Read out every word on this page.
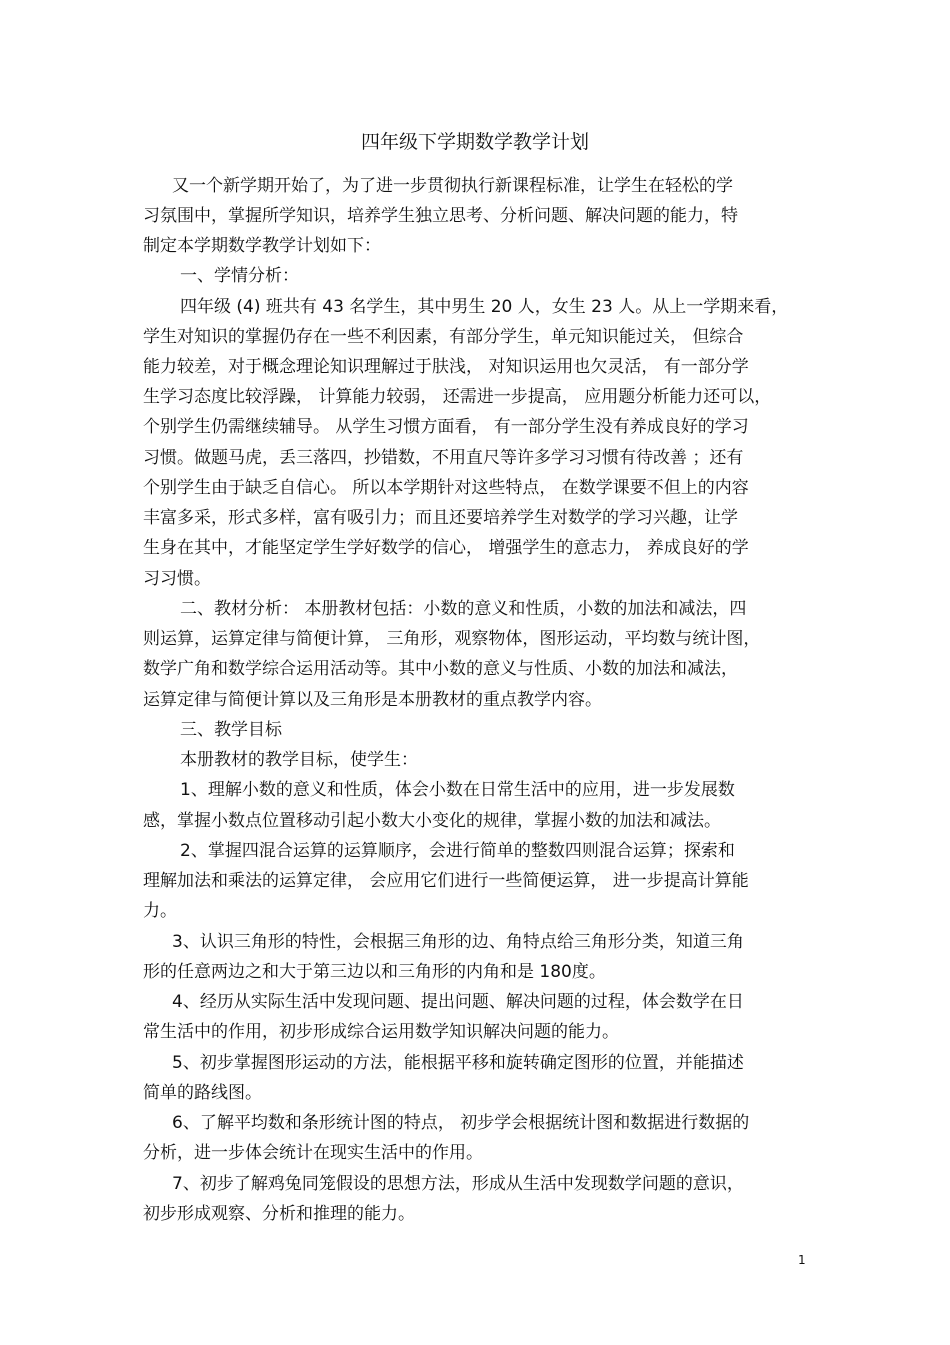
四年级下学期数学教学计划
又一个新学期开始了，为了进一步贯彻执行新课程标准，让学生在轻松的学
习氛围中，掌握所学知识，培养学生独立思考、分析问题、解决问题的能力，特
制定本学期数学教学计划如下：
一、学情分析：
四年级 (4) 班共有 43 名学生，其中男生 20 人，女生 23 人。从上一学期来看，
学生对知识的掌握仍存在一些不利因素，有部分学生，单元知识能过关， 但综合
能力较差，对于概念理论知识理解过于肤浅， 对知识运用也欠灵活， 有一部分学
生学习态度比较浮躁， 计算能力较弱， 还需进一步提高， 应用题分析能力还可以，
个别学生仍需继续辅导。 从学生习惯方面看， 有一部分学生没有养成良好的学习
习惯。做题马虎，丢三落四，抄错数，不用直尺等许多学习习惯有待改善 ；还有
个别学生由于缺乏自信心。 所以本学期针对这些特点， 在数学课要不但上的内容
丰富多采，形式多样，富有吸引力；而且还要培养学生对数学的学习兴趣，让学
生身在其中，才能坚定学生学好数学的信心， 增强学生的意志力， 养成良好的学
习习惯。
二、教材分析： 本册教材包括：小数的意义和性质，小数的加法和减法，四
则运算，运算定律与简便计算， 三角形，观察物体，图形运动，平均数与统计图，
数学广角和数学综合运用活动等。其中小数的意义与性质、小数的加法和减法，
运算定律与简便计算以及三角形是本册教材的重点教学内容。
三、教学目标
本册教材的教学目标，使学生：
1、理解小数的意义和性质，体会小数在日常生活中的应用，进一步发展数
感，掌握小数点位置移动引起小数大小变化的规律，掌握小数的加法和减法。
2、掌握四混合运算的运算顺序，会进行简单的整数四则混合运算；探索和
理解加法和乘法的运算定律， 会应用它们进行一些简便运算， 进一步提高计算能
力。
3、认识三角形的特性，会根据三角形的边、角特点给三角形分类，知道三角
形的任意两边之和大于第三边以和三角形的内角和是 180度。
4、经历从实际生活中发现问题、提出问题、解决问题的过程，体会数学在日
常生活中的作用，初步形成综合运用数学知识解决问题的能力。
5、初步掌握图形运动的方法，能根据平移和旋转确定图形的位置，并能描述
简单的路线图。
6、了解平均数和条形统计图的特点， 初步学会根据统计图和数据进行数据的
分析，进一步体会统计在现实生活中的作用。
7、初步了解鸡兔同笼假设的思想方法，形成从生活中发现数学问题的意识，
初步形成观察、分析和推理的能力。
1
